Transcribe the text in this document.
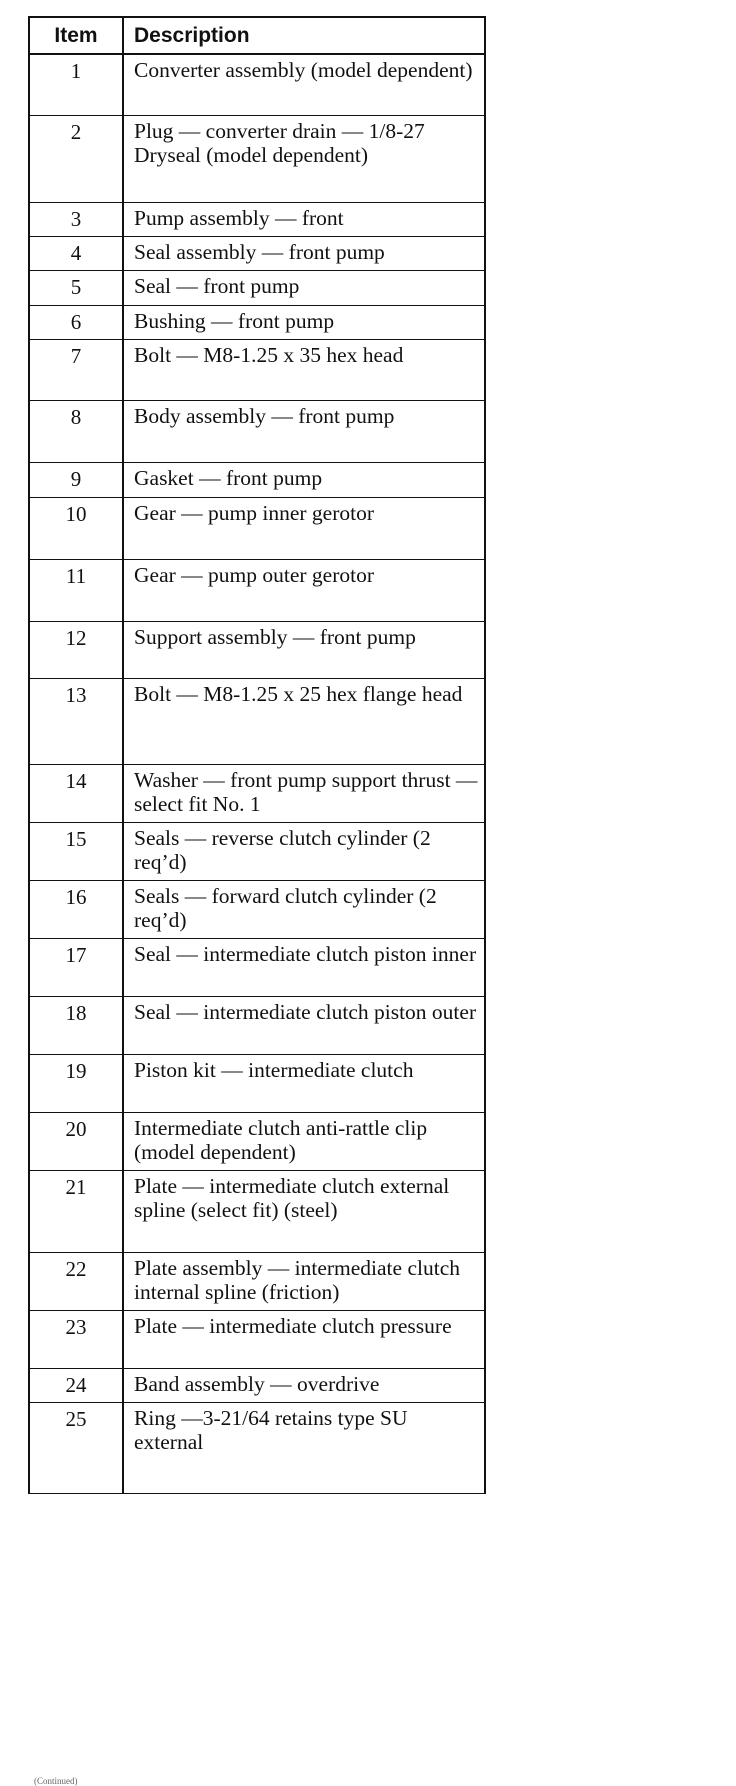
Item	Description
1	Converter assembly (model dependent)
2	Plug — converter drain — 1/8-27 Dryseal (model dependent)
3	Pump assembly — front
4	Seal assembly — front pump
5	Seal — front pump
6	Bushing — front pump
7	Bolt — M8-1.25 x 35 hex head
8	Body assembly — front pump
9	Gasket — front pump
10	Gear — pump inner gerotor
11	Gear — pump outer gerotor
12	Support assembly — front pump
13	Bolt — M8-1.25 x 25 hex flange head
14	Washer — front pump support thrust — select fit No. 1
15	Seals — reverse clutch cylinder (2 req’d)
16	Seals — forward clutch cylinder (2 req’d)
17	Seal — intermediate clutch piston inner
18	Seal — intermediate clutch piston outer
19	Piston kit — intermediate clutch
20	Intermediate clutch anti-rattle clip (model dependent)
21	Plate — intermediate clutch external spline (select fit) (steel)
22	Plate assembly — intermediate clutch internal spline (friction)
23	Plate — intermediate clutch pressure
24	Band assembly — overdrive
25	Ring —3-21/64 retains type SU external
(Continued)
